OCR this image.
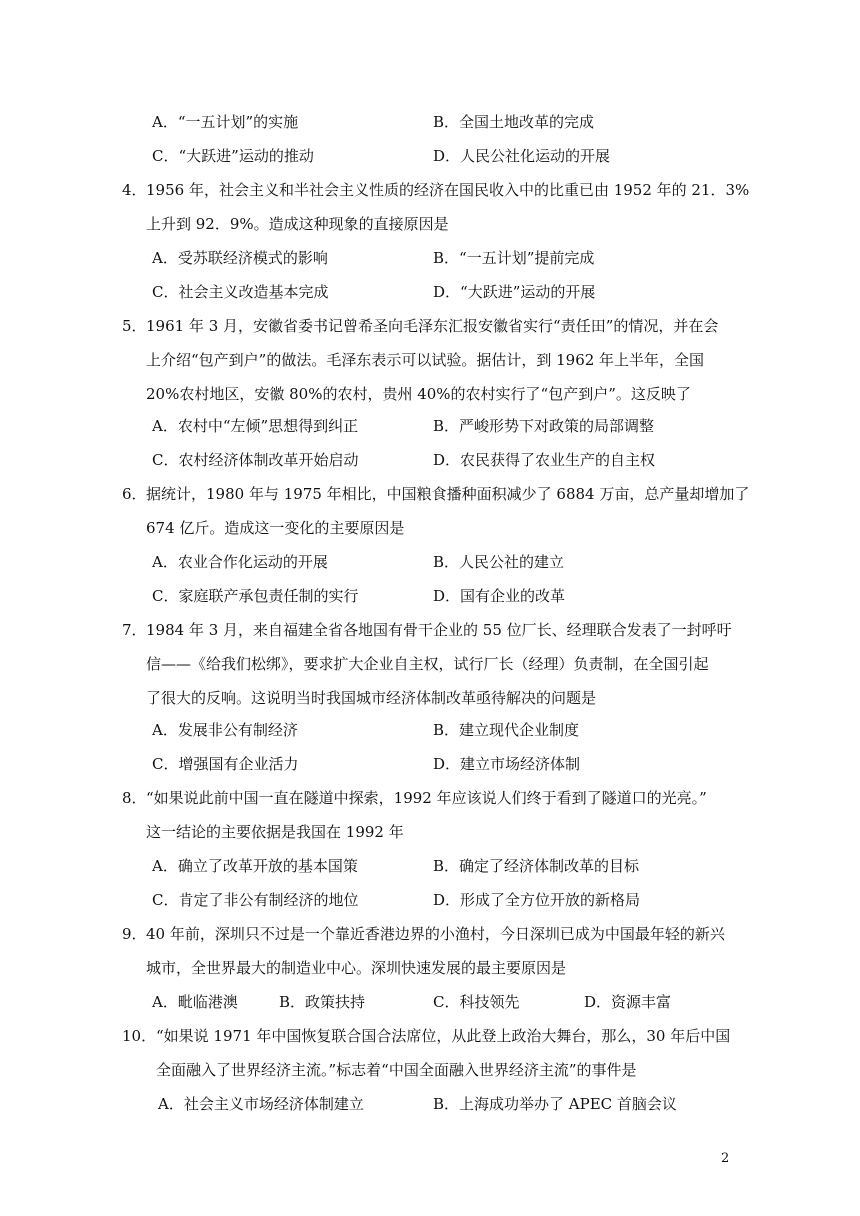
A．“一五计划”的实施	B．全国土地改革的完成
C．“大跃进”运动的推动	D．人民公社化运动的开展
4． 1956 年，社会主义和半社会主义性质的经济在国民收入中的比重已由 1952 年的 21．3%
上升到 92．9%。造成这种现象的直接原因是
A．受苏联经济模式的影响	B．“一五计划”提前完成
C．社会主义改造基本完成	D．“大跃进”运动的开展
5． 1961 年 3 月，安徽省委书记曾希圣向毛泽东汇报安徽省实行“责任田”的情况，并在会
上介绍“包产到户”的做法。毛泽东表示可以试验。据估计，到 1962 年上半年，全国
20%农村地区，安徽 80%的农村，贵州 40%的农村实行了“包产到户”。这反映了
A．农村中“左倾”思想得到纠正	B．严峻形势下对政策的局部调整
C．农村经济体制改革开始启动	D．农民获得了农业生产的自主权
6． 据统计，1980 年与 1975 年相比，中国粮食播种面积减少了 6884 万亩，总产量却增加了
674 亿斤。造成这一变化的主要原因是
A．农业合作化运动的开展	B．人民公社的建立
C．家庭联产承包责任制的实行	D．国有企业的改革
7． 1984 年 3 月，来自福建全省各地国有骨干企业的 55 位厂长、经理联合发表了一封呼吁
信——《给我们松绑》，要求扩大企业自主权，试行厂长（经理）负责制，在全国引起
了很大的反响。这说明当时我国城市经济体制改革亟待解决的问题是
A．发展非公有制经济	B．建立现代企业制度
C．增强国有企业活力	D．建立市场经济体制
8． “如果说此前中国一直在隧道中探索，1992 年应该说人们终于看到了隧道口的光亮。”
这一结论的主要依据是我国在 1992 年
A．确立了改革开放的基本国策	B．确定了经济体制改革的目标
C．肯定了非公有制经济的地位	D．形成了全方位开放的新格局
9． 40 年前，深圳只不过是一个靠近香港边界的小渔村，今日深圳已成为中国最年轻的新兴
城市，全世界最大的制造业中心。深圳快速发展的最主要原因是
A．毗临港澳	B．政策扶持	C．科技领先	D．资源丰富
10． “如果说 1971 年中国恢复联合国合法席位，从此登上政治大舞台，那么，30 年后中国
全面融入了世界经济主流。”标志着“中国全面融入世界经济主流”的事件是
A．社会主义市场经济体制建立	B．上海成功举办了 APEC 首脑会议
2
